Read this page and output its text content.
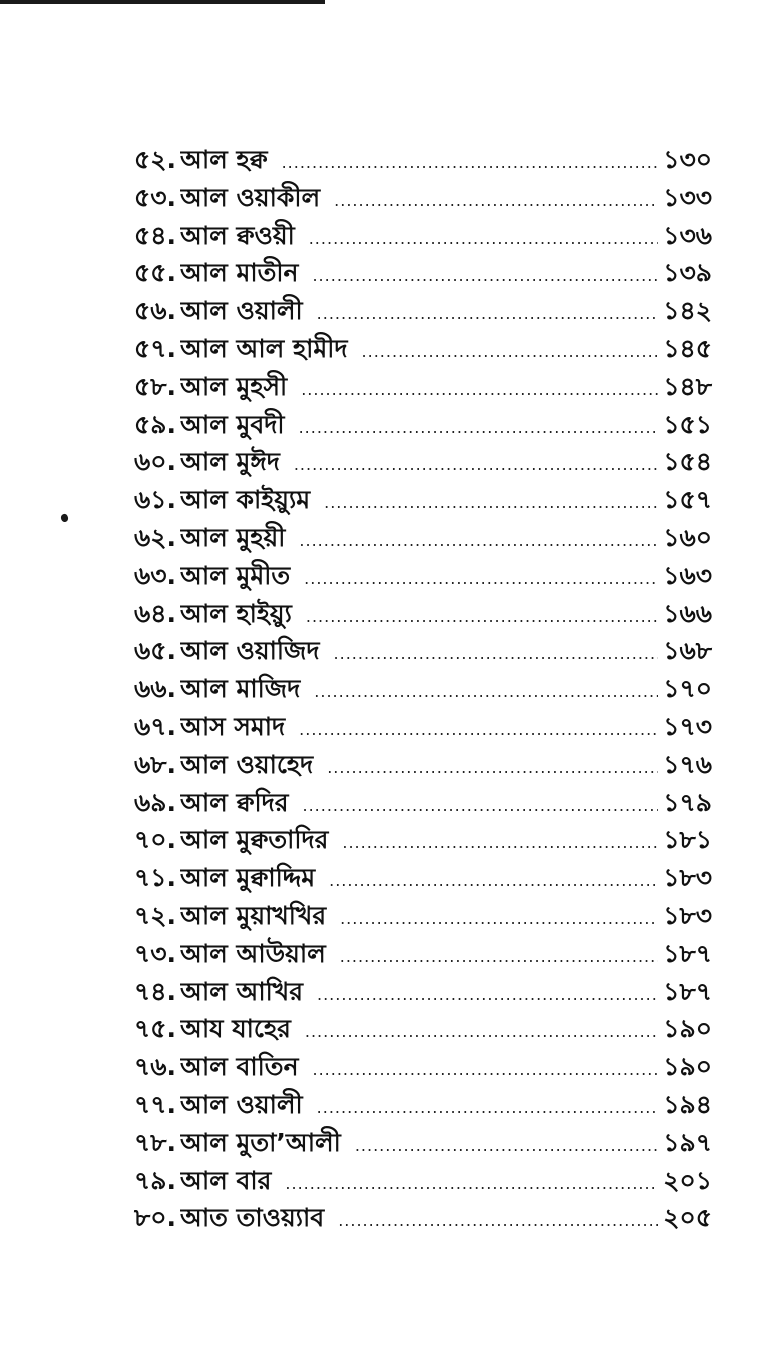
৫২. আল হক্ব .....	১৩০
৫৩. আল ওয়াকীল .....	১৩৩
৫৪. আল ক্বওয়ী .....	১৩৬
৫৫. আল মাতীন .....	১৩৯
৫৬. আল ওয়ালী .....	১৪২
৫৭. আল আল হামীদ .....	১৪৫
৫৮. আল মুহসী .....	১৪৮
৫৯. আল মুবদী .....	১৫১
৬০. আল মুঈদ .....	১৫৪
৬১. আল কাইয়্যুম .....	১৫৭
৬২. আল মুহয়ী .....	১৬০
৬৩. আল মুমীত .....	১৬৩
৬৪. আল হাইয়্যু .....	১৬৬
৬৫. আল ওয়াজিদ .....	১৬৮
৬৬. আল মাজিদ .....	১৭০
৬৭. আস সমাদ .....	১৭৩
৬৮. আল ওয়াহেদ .....	১৭৬
৬৯. আল ক্বদির .....	১৭৯
৭০. আল মুক্বতাদির .....	১৮১
৭১. আল মুক্বাদ্দিম .....	১৮৩
৭২. আল মুয়াখখির .....	১৮৩
৭৩. আল আউয়াল .....	১৮৭
৭৪. আল আখির .....	১৮৭
৭৫. আয যাহের .....	১৯০
৭৬. আল বাতিন .....	১৯০
৭৭. আল ওয়ালী .....	১৯৪
৭৮. আল মুতা’আলী .....	১৯৭
৭৯. আল বার .....	২০১
৮০. আত তাওয়্যাব .....	২০৫
